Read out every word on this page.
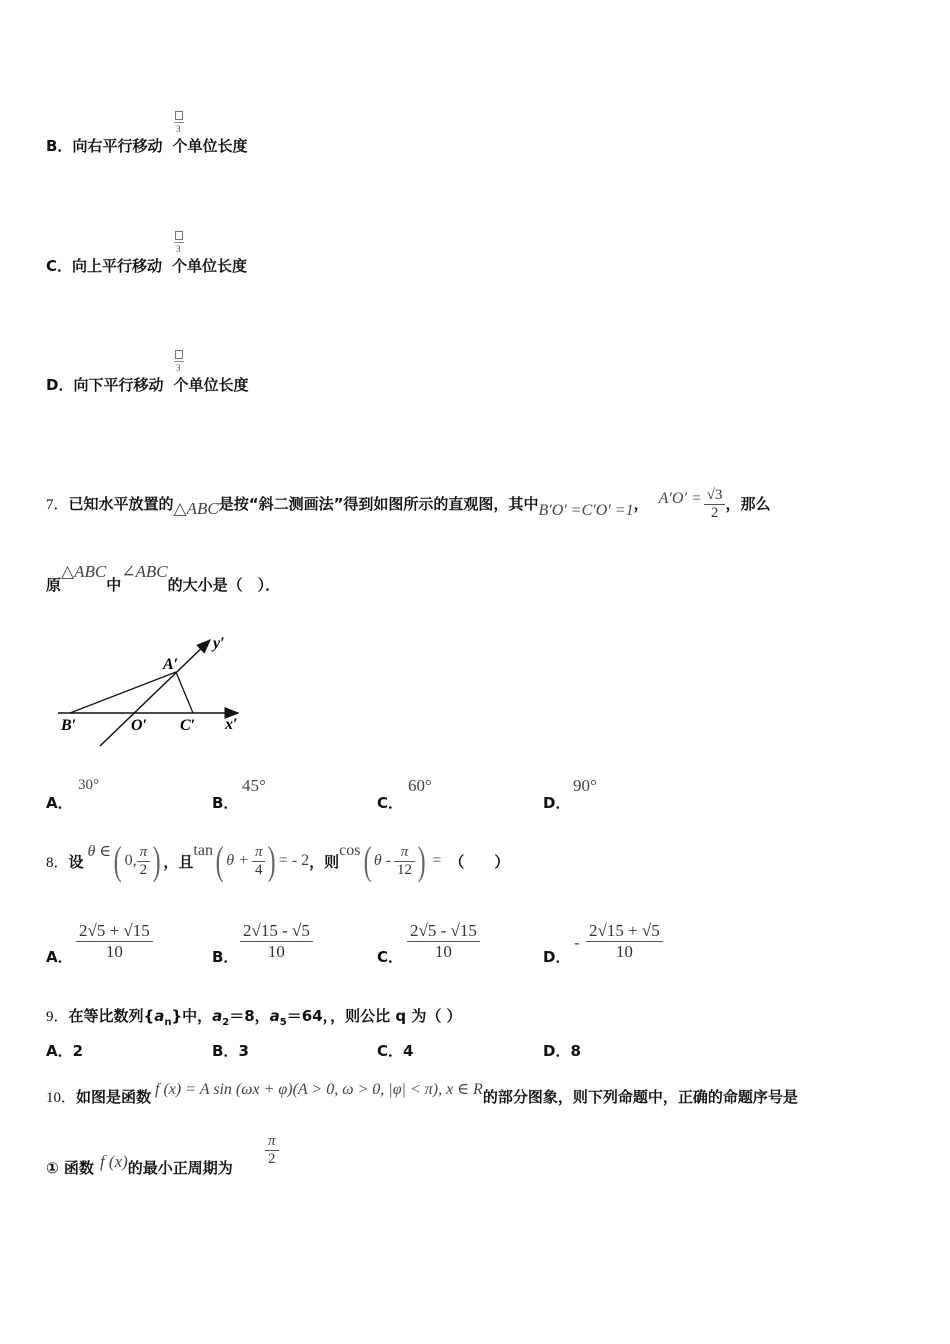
3
B．向右平行移动 个单位长度
3
C．向上平行移动 个单位长度
3
D．向下平行移动 个单位长度
7．已知水平放置的△ABC是按“斜二测画法”得到如图所示的直观图，其中B′O′ =C′O′ =1， $A'O' = \frac{√3}{2}$ ，那么
原△ABC中∠ABC的大小是（　）．
y′
x′
A′
B′	O′ C′
A．
30°
B．
45°
C．
60°
D．
90°
8． 设
θ ∈ ( 0, $\frac{\pi}{2}$ ) ，且
tan ( $\theta + \frac{\pi}{4}$ ) = - 2 ，则
cos ( θ - $\frac{\pi}{12}$ ) = （　　）
A． $\frac{2√5 + √15}{10}$	B． $\frac{2√15 - √5}{10}$	C． $\frac{2√5 - √15}{10}$	D．
- $\frac{2√15 + √5}{10}$
9．在等比数列$\{a_n\}$中，$a_2=8$，$a_5=64$，，则公比 q 为（ ）
A．2	B．3	C．4	D．8
10．如图是函数 f (x) = A sin (ωx + φ)(A > 0, ω > 0, |φ| < π), x ∈ R的部分图象，则下列命题中，正确的命题序号是
① 函数 f (x)的最小正周期为 $\frac{\pi}{2}$
